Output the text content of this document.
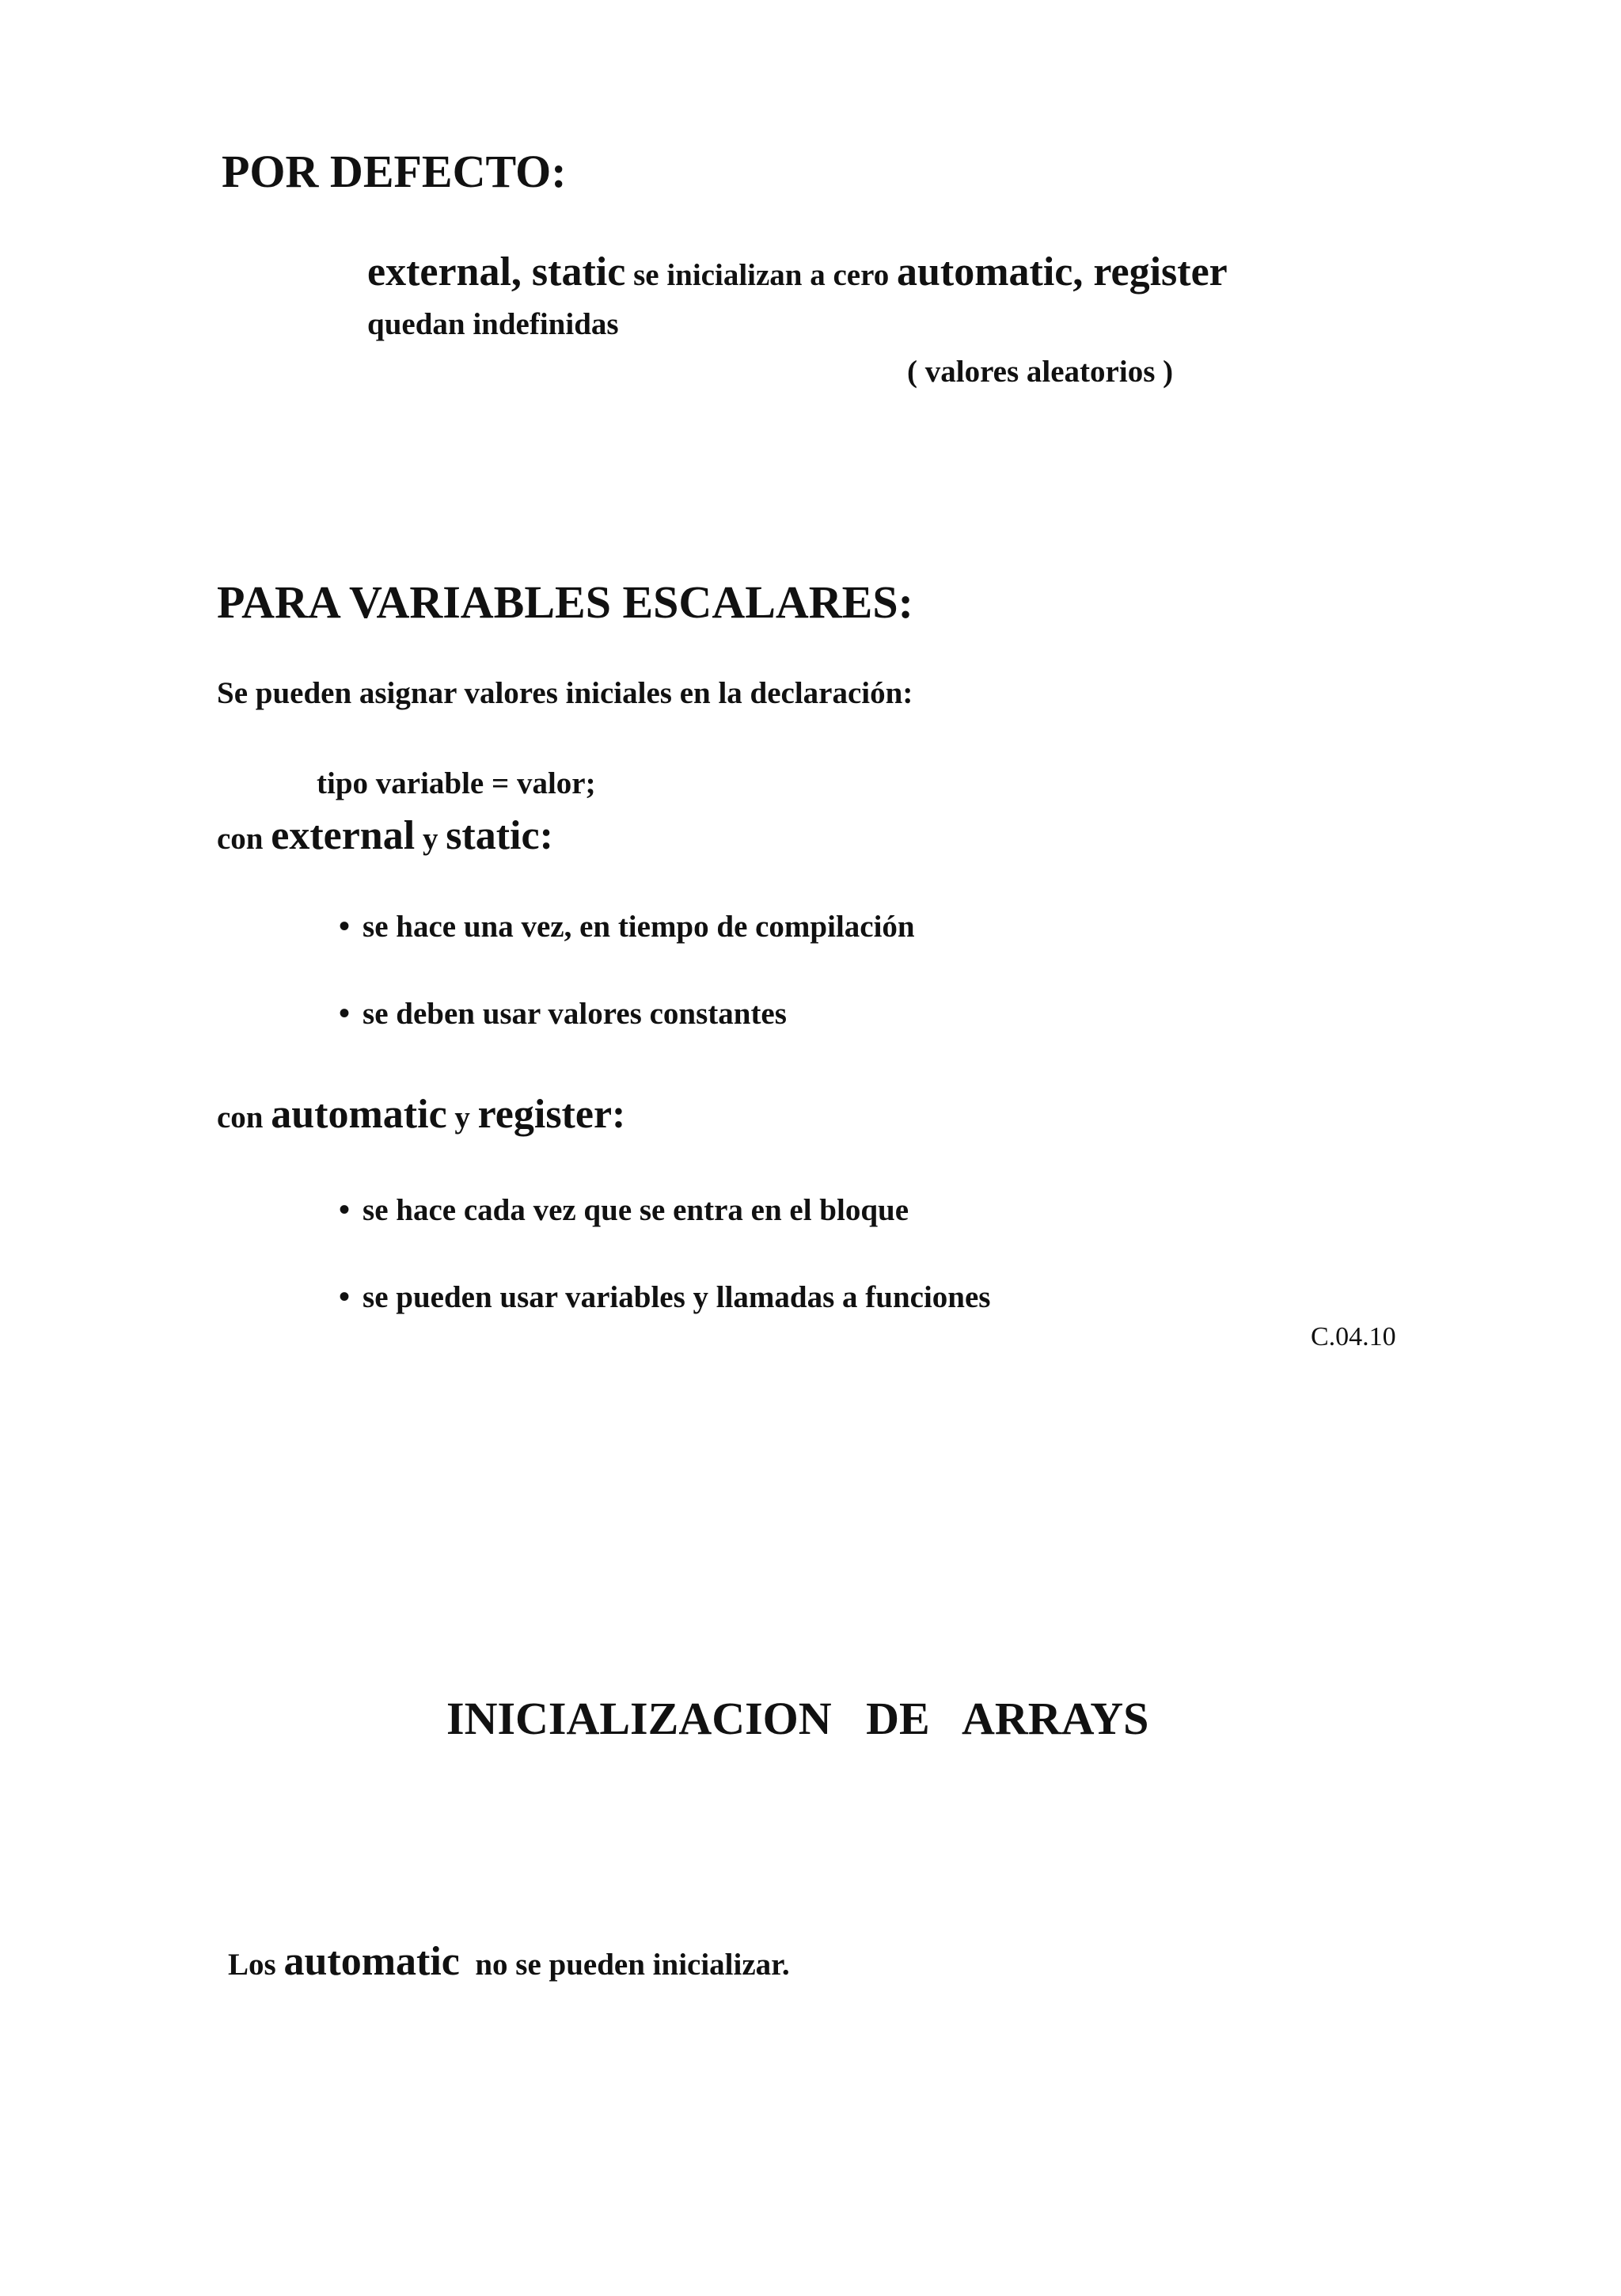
POR DEFECTO:
external, static se inicializan a cero automatic, register
quedan indefinidas
( valores aleatorios )
PARA VARIABLES ESCALARES:
Se pueden asignar valores iniciales en la declaración:
tipo variable = valor;
con external y static:
• se hace una vez, en tiempo de compilación
• se deben usar valores constantes
con automatic y register:
• se hace cada vez que se entra en el bloque
• se pueden usar variables y llamadas a funciones
C.04.10
INICIALIZACION   DE   ARRAYS

Los automatic  no se pueden inicializar.
